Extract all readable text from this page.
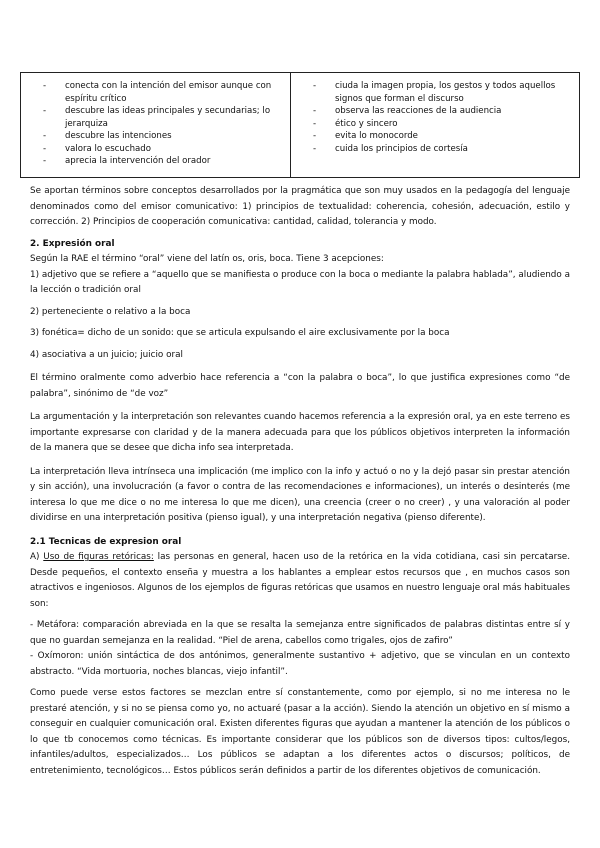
-	conecta con la intención del emisor aunque con espíritu crítico
-	descubre las ideas principales y secundarias; lo jerarquiza
-	descubre las intenciones
-	valora lo escuchado
-	aprecia la intervención del orador
-	ciuda la imagen propia, los gestos y todos aquellos signos que forman el discurso
-	observa las reacciones de la audiencia
-	ético y sincero
-	evita lo monocorde
-	cuida los principios de cortesía

Se aportan términos sobre conceptos desarrollados por la pragmática que son muy usados en la pedagogía del lenguaje denominados como del emisor comunicativo: 1) principios de textualidad: coherencia, cohesión, adecuación, estilo y corrección. 2) Principios de cooperación comunicativa: cantidad, calidad, tolerancia y modo.

2. Expresión oral

Según la RAE el término “oral” viene del latín os, oris, boca. Tiene 3 acepciones:

1) adjetivo que se refiere a “aquello que se manifiesta o produce con la boca o mediante la palabra hablada”, aludiendo a la lección o tradición oral

2) perteneciente o relativo a la boca

3) fonética= dicho de un sonido: que se articula expulsando el aire exclusivamente por la boca

4) asociativa a un juicio; juicio oral

El término oralmente como adverbio hace referencia a “con la palabra o boca”, lo que justifica expresiones como “de palabra”, sinónimo de “de voz”

La argumentación y la interpretación son relevantes cuando hacemos referencia a la expresión oral, ya en este terreno es importante expresarse con claridad y de la manera adecuada para que los públicos objetivos interpreten la información de la manera que se desee que dicha info sea interpretada.

La interpretación lleva intrínseca una implicación (me implico con la info y actuó o no y la dejó pasar sin prestar atención y sin acción), una involucración (a favor o contra de las recomendaciones e informaciones), un interés o desinterés (me interesa lo que me dice o no me interesa lo que me dicen), una creencia (creer o no creer) , y una valoración al poder dividirse en una interpretación positiva (pienso igual), y una interpretación negativa (pienso diferente).

2.1 Tecnicas de expresion oral

A) Uso de figuras retóricas: las personas en general, hacen uso de la retórica en la vida cotidiana, casi sin percatarse. Desde pequeños, el contexto enseña y muestra a los hablantes a emplear estos recursos que , en muchos casos son atractivos e ingeniosos. Algunos de los ejemplos de figuras retóricas que usamos en nuestro lenguaje oral más habituales son:

- Metáfora: comparación abreviada en la que se resalta la semejanza entre significados de palabras distintas entre sí y que no guardan semejanza en la realidad. “Piel de arena, cabellos como trigales, ojos de zafiro”

- Oxímoron: unión sintáctica de dos antónimos, generalmente sustantivo + adjetivo, que se vinculan en un contexto abstracto. “Vida mortuoria, noches blancas, viejo infantil”.

Como puede verse estos factores se mezclan entre sí constantemente, como por ejemplo, si no me interesa no le prestaré atención, y si no se piensa como yo, no actuaré (pasar a la acción). Siendo la atención un objetivo en sí mismo a conseguir en cualquier comunicación oral. Existen diferentes figuras que ayudan a mantener la atención de los públicos o lo que tb conocemos como técnicas. Es importante considerar que los públicos son de diversos tipos: cultos/legos, infantiles/adultos, especializados… Los públicos se adaptan a los diferentes actos o discursos; políticos, de entretenimiento, tecnológicos… Estos públicos serán definidos a partir de los diferentes objetivos de comunicación.
